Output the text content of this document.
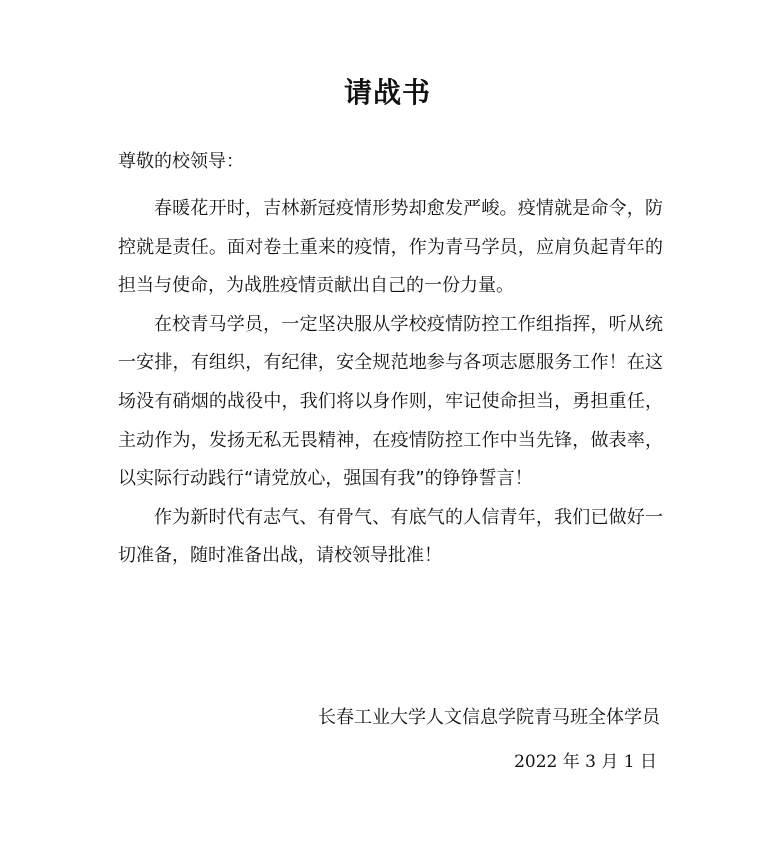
请战书
尊敬的校领导：

春暖花开时，吉林新冠疫情形势却愈发严峻。疫情就是命令，防控就是责任。面对卷土重来的疫情，作为青马学员，应肩负起青年的担当与使命，为战胜疫情贡献出自己的一份力量。

在校青马学员，一定坚决服从学校疫情防控工作组指挥，听从统一安排，有组织，有纪律，安全规范地参与各项志愿服务工作！在这场没有硝烟的战役中，我们将以身作则，牢记使命担当，勇担重任，主动作为，发扬无私无畏精神，在疫情防控工作中当先锋，做表率，以实际行动践行“请党放心，强国有我”的铮铮誓言！

作为新时代有志气、有骨气、有底气的人信青年，我们已做好一切准备，随时准备出战，请校领导批准！

长春工业大学人文信息学院青马班全体学员
2022 年 3 月 1 日
